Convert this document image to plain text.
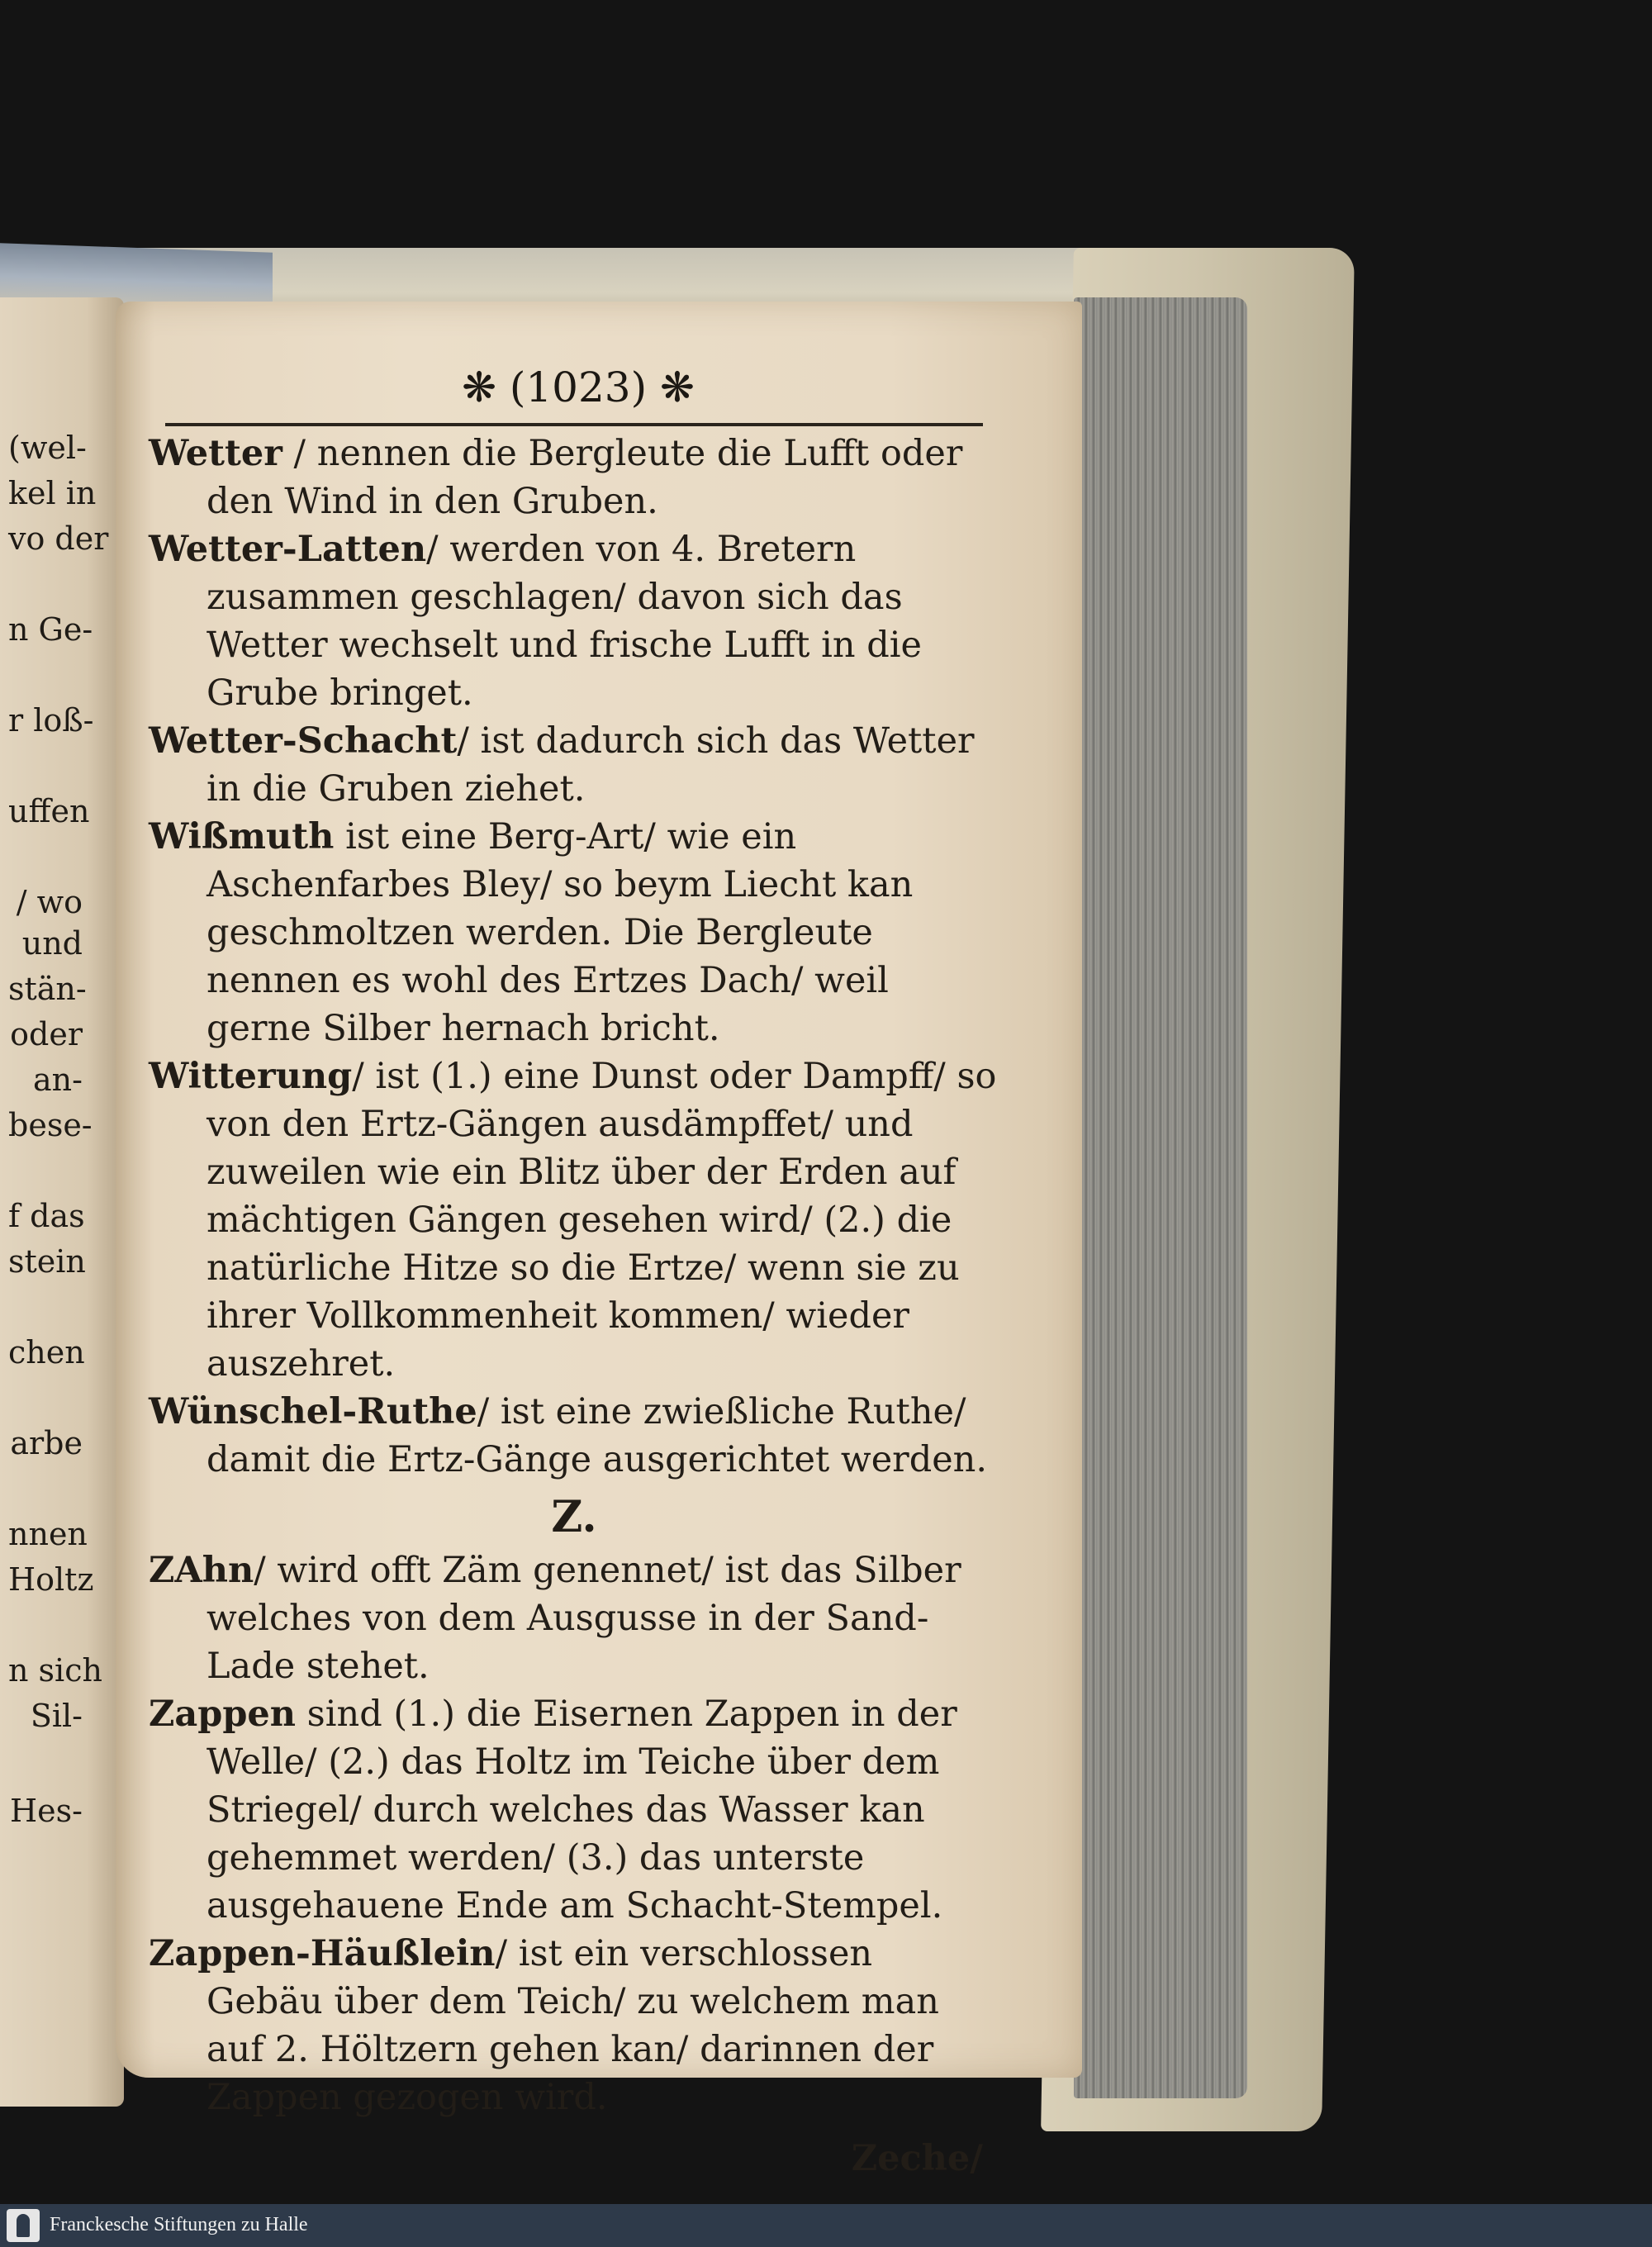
(wel-
kel in
vo der
n Ge-
r loß-
uffen
/ wo
und
stän-
oder
an-
bese-
f das
stein
chen
arbe
nnen
Holtz
n sich
Sil-
Hes-
❋ (1023) ❋

Wetter / nennen die Bergleute die Lufft oder den Wind in den Gruben.

Wetter-Latten/ werden von 4. Bretern zusammen geschlagen/ davon sich das Wetter wechselt und frische Lufft in die Grube bringet.

Wetter-Schacht/ ist dadurch sich das Wetter in die Gruben ziehet.

Wißmuth ist eine Berg-Art/ wie ein Aschenfarbes Bley/ so beym Liecht kan geschmoltzen werden. Die Bergleute nennen es wohl des Ertzes Dach/ weil gerne Silber hernach bricht.

Witterung/ ist (1.) eine Dunst oder Dampff/ so von den Ertz-Gängen ausdämpffet/ und zuweilen wie ein Blitz über der Erden auf mächtigen Gängen gesehen wird/ (2.) die natürliche Hitze so die Ertze/ wenn sie zu ihrer Vollkommenheit kommen/ wieder auszehret.

Wünschel-Ruthe/ ist eine zwießliche Ruthe/ damit die Ertz-Gänge ausgerichtet werden.

Z.

ZAhn/ wird offt Zäm genennet/ ist das Silber welches von dem Ausgusse in der Sand-Lade stehet.

Zappen sind (1.) die Eisernen Zappen in der Welle/ (2.) das Holtz im Teiche über dem Striegel/ durch welches das Wasser kan gehemmet werden/ (3.) das unterste ausgehauene Ende am Schacht-Stempel.

Zappen-Häußlein/ ist ein verschlossen Gebäu über dem Teich/ zu welchem man auf 2. Höltzern gehen kan/ darinnen der Zappen gezogen wird.

Zeche/

Franckesche Stiftungen zu Halle
